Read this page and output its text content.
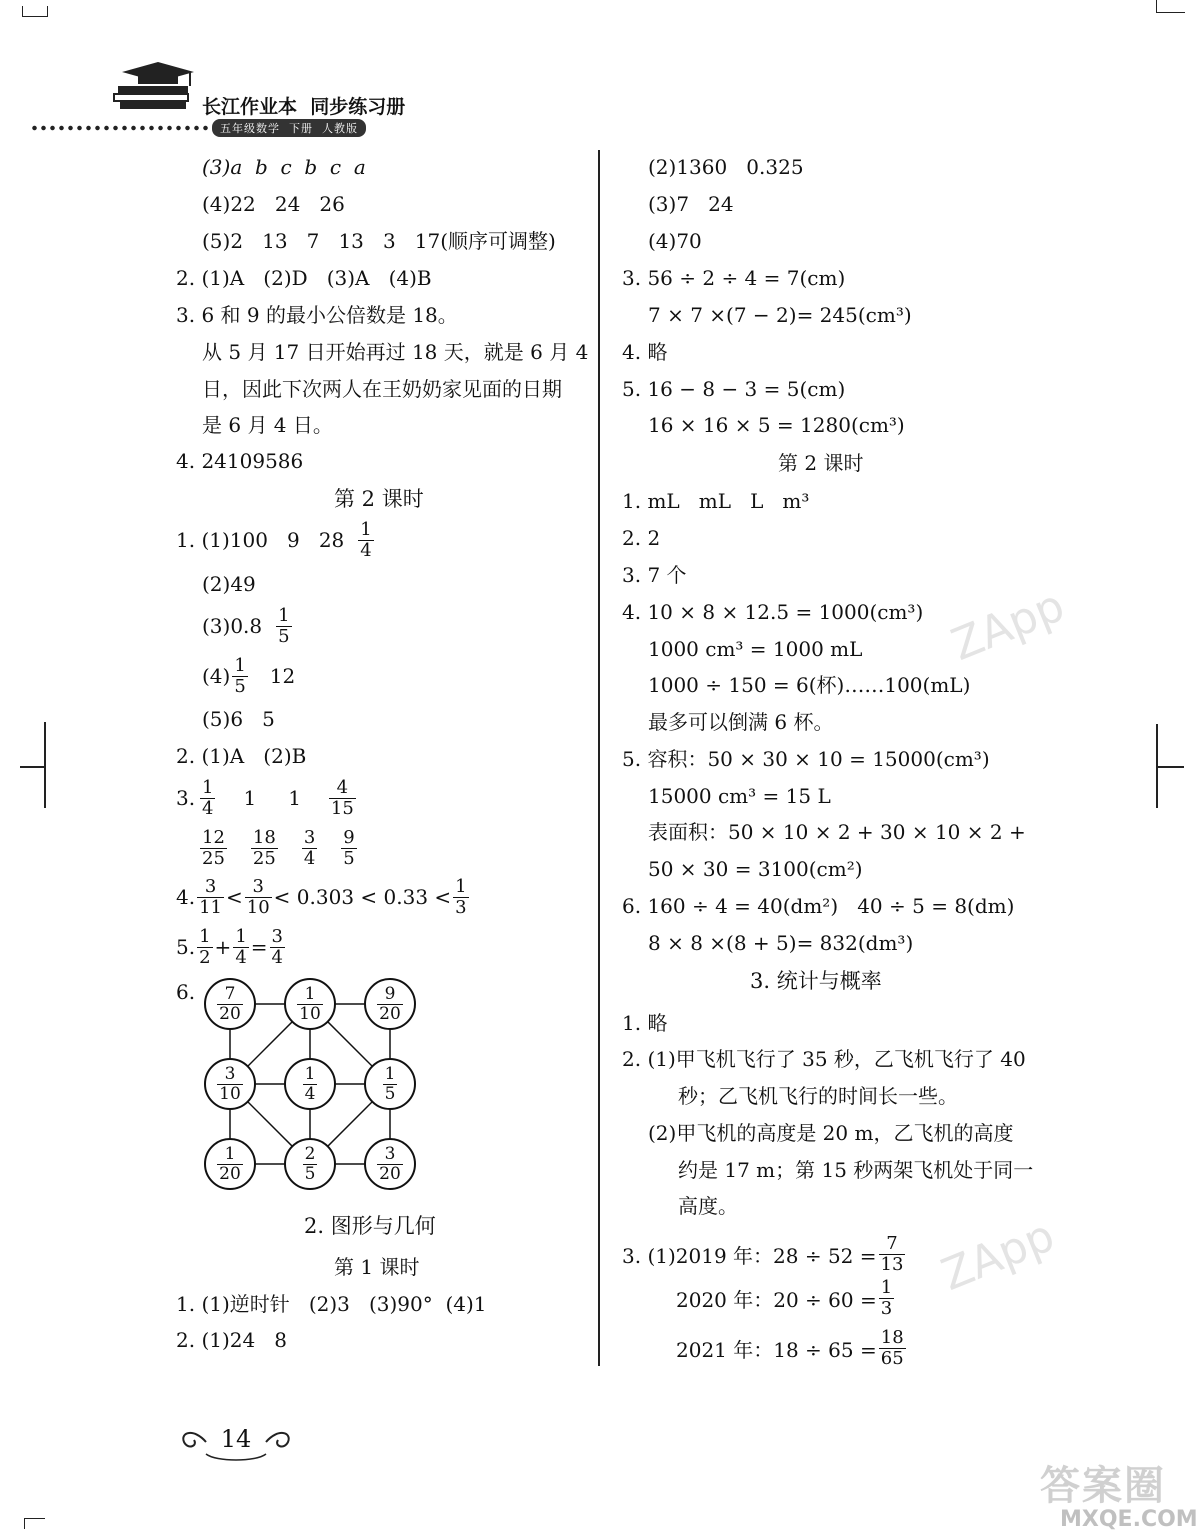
长江作业本  同步练习册
五年级数学  下册  人教版
(3)a  b  c  b  c  a
(4)22   24   26
(5)2   13   7   13   3   17(顺序可调整)
2. (1)A   (2)D   (3)A   (4)B
3. 6 和 9 的最小公倍数是 18。
从 5 月 17 日开始再过 18 天，就是 6 月 4
日，因此下次两人在王奶奶家见面的日期
是 6 月 4 日。
4. 24109586
第 2 课时
1. (1)100   9   $28 \frac{1}{4}$
(2)49
$(3)0.8 \frac{1}{5}$
$(4) \frac{1}{5} 12$
(5)6   5
2. (1)A   (2)B
3. $\frac{1}{4} 1$ $1 \frac{4}{15}$
$\frac{12}{25} \frac{18}{25} \frac{3}{4} \frac{9}{5}$
4. $\frac{3}{11} < \frac{3}{10} < 0.303 < 0.33 < \frac{1}{3}$
5. $\frac{1}{2} + \frac{1}{4} = \frac{3}{4}$
6. $\frac{7}{20}$	$\frac{1}{10}$	$\frac{9}{20}$
$\frac{3}{10}$	$\frac{1}{4}$	$\frac{1}{5}$
$\frac{1}{20}$	$\frac{2}{5}$	$\frac{3}{20}$
2. 图形与几何
第 1 课时
1. (1)逆时针   (2)3   (3)90°  (4)1
2. (1)24   8
(2)1360   0.325
(3)7   24
(4)70
3. 56 ÷ 2 ÷ 4 = 7(cm)
7 × 7 ×(7 − 2)= 245(cm³)
4. 略
5. 16 − 8 − 3 = 5(cm)
16 × 16 × 5 = 1280(cm³)
第 2 课时
1. mL   mL   L   m³
2. 2
3. 7 个
4. 10 × 8 × 12.5 = 1000(cm³)
1000 cm³ = 1000 mL
1000 ÷ 150 = 6(杯)……100(mL)
最多可以倒满 6 杯。
5. 容积：50 × 30 × 10 = 15000(cm³)
15000 cm³ = 15 L
表面积：50 × 10 × 2 + 30 × 10 × 2 +
50 × 30 = 3100(cm²)
6. 160 ÷ 4 = 40(dm²)   40 ÷ 5 = 8(dm)
8 × 8 ×(8 + 5)= 832(dm³)
3. 统计与概率
1. 略
2. (1)甲飞机飞行了 35 秒，乙飞机飞行了 40
秒；乙飞机飞行的时间长一些。
(2)甲飞机的高度是 20 m，乙飞机的高度
约是 17 m；第 15 秒两架飞机处于同一
高度。
3. (1)2019 年：$28 \div 52 = \frac{7}{13}$
2020 年：$20 \div 60 = \frac{1}{3}$
2021 年：$18 \div 65 = \frac{18}{65}$
14
ZApp
ZApp
答案圈
MXQE.COM
